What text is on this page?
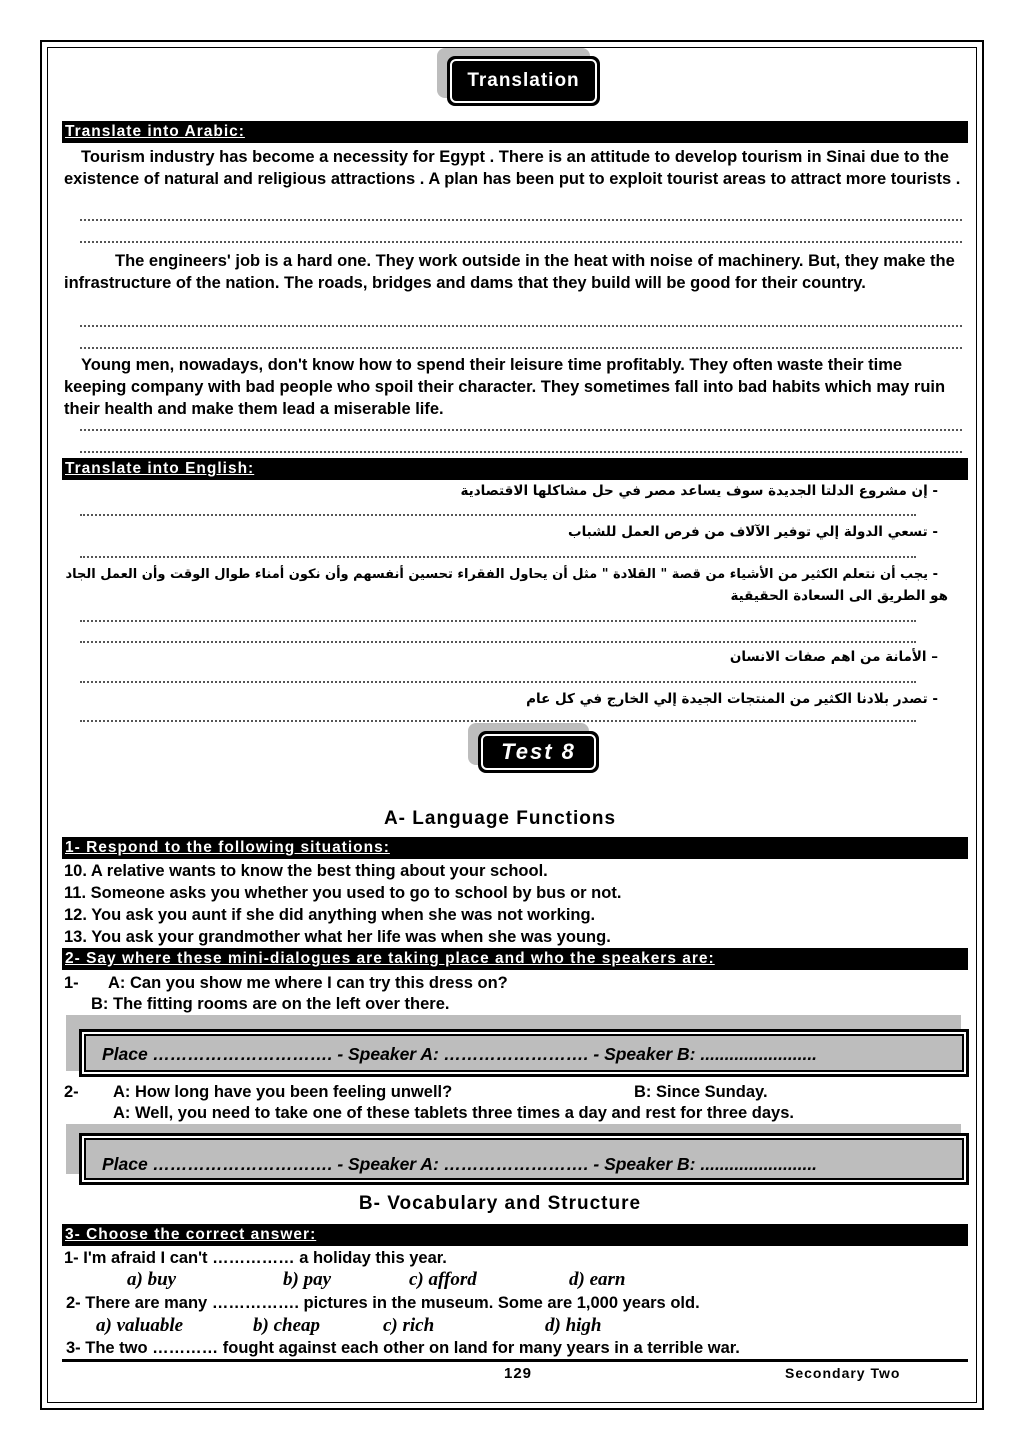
Translation
Translate into Arabic:
Tourism industry has become a necessity for Egypt . There is an attitude to develop tourism in Sinai due to the existence of natural and religious attractions . A plan has been put to exploit tourist areas to attract more tourists .
The engineers' job is a hard one. They work outside in the heat with noise of machinery. But, they make the infrastructure of the nation. The roads, bridges and dams that they build will be good for their country.
Young men, nowadays, don't know how to spend their leisure time profitably. They often waste their time keeping company with bad people who spoil their character. They sometimes fall into bad habits which may ruin their health and make them lead a miserable life.
Translate into English:
- إن مشروع الدلتا الجديدة سوف يساعد مصر في حل مشاكلها الاقتصادية
- تسعي الدولة إلي توفير الآلاف من فرص العمل للشباب
- يجب أن نتعلم الكثير من الأشياء من قصة " القلادة " مثل أن يحاول الفقراء تحسين أنفسهم وأن نكون أمناء طوال الوقت وأن العمل الجاد
هو الطريق الى السعادة الحقيقية
– الأمانة من اهم صفات الانسان
- تصدر بلادنا الكثير من المنتجات الجيدة إلي الخارج في كل عام
Test 8
A- Language Functions
1- Respond to the following situations:
10. A relative wants to know the best thing about your school.
11. Someone asks you whether you used to go to school by bus or not.
12. You ask you aunt if she did anything when she was not working.
13. You ask your grandmother what her life was when she was young.
2- Say where these mini-dialogues are taking place and who the speakers are:
1- A: Can you show me where I can try this dress on?
B: The fitting rooms are on the left over there.
Place …………………………. - Speaker A: ……………………. - Speaker B: ........................
2- A: How long have you been feeling unwell?	B: Since Sunday.
A: Well, you need to take one of these tablets three times a day and rest for three days.
Place …………………………. - Speaker A: ……………………. - Speaker B: ........................
B- Vocabulary and Structure
3- Choose the correct answer:
1- I'm afraid I can't …………… a holiday this year.
a) buy	b) pay	c) afford	d) earn
2- There are many ……………. pictures in the museum. Some are 1,000 years old.
a) valuable	b) cheap	c) rich	d) high
3- The two ………… fought against each other on land for many years in a terrible war.
129	Secondary Two
